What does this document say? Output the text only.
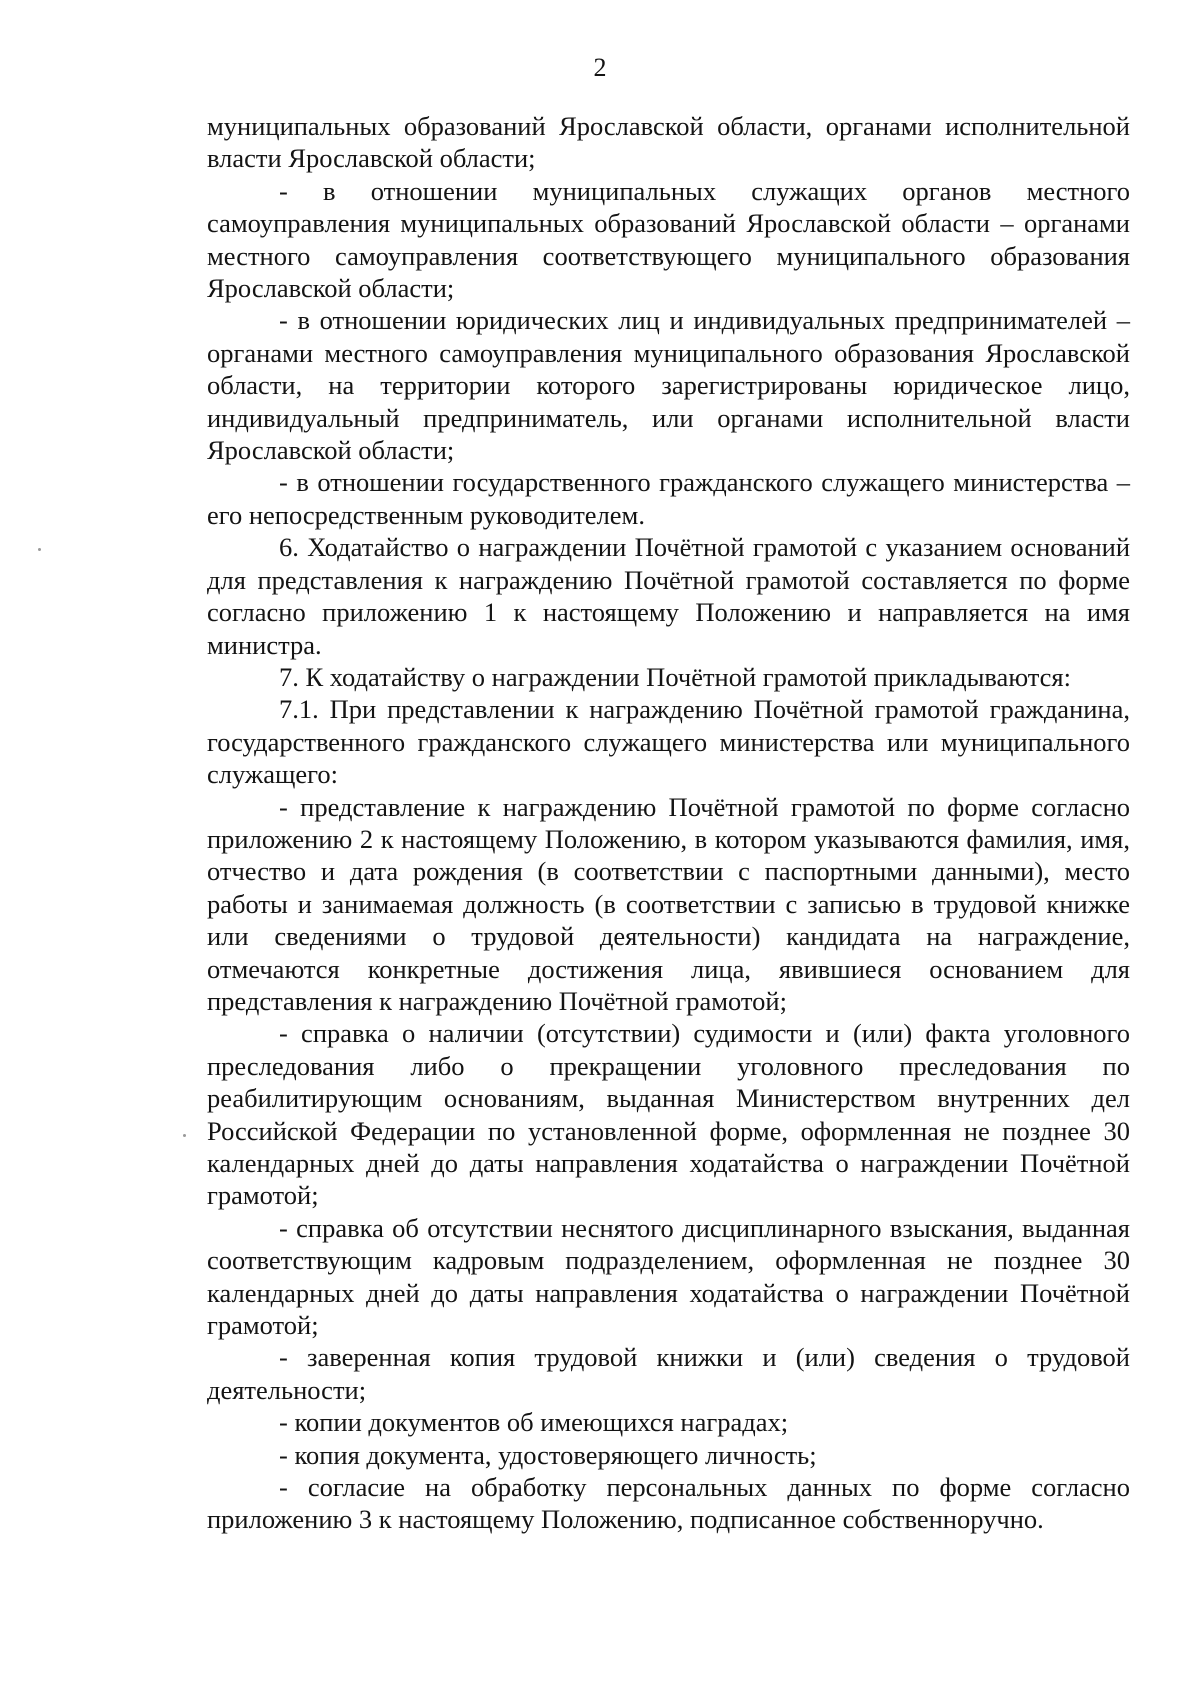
2

муниципальных образований Ярославской области, органами исполнительной власти Ярославской области;

- в отношении муниципальных служащих органов местного самоуправления муниципальных образований Ярославской области – органами местного самоуправления соответствующего муниципального образования Ярославской области;

- в отношении юридических лиц и индивидуальных предпринимателей – органами местного самоуправления муниципального образования Ярославской области, на территории которого зарегистрированы юридическое лицо, индивидуальный предприниматель, или органами исполнительной власти Ярославской области;

- в отношении государственного гражданского служащего министерства – его непосредственным руководителем.

6. Ходатайство о награждении Почётной грамотой с указанием оснований для представления к награждению Почётной грамотой составляется по форме согласно приложению 1 к настоящему Положению и направляется на имя министра.

7. К ходатайству о награждении Почётной грамотой прикладываются:

7.1. При представлении к награждению Почётной грамотой гражданина, государственного гражданского служащего министерства или муниципального служащего:

- представление к награждению Почётной грамотой по форме согласно приложению 2 к настоящему Положению, в котором указываются фамилия, имя, отчество и дата рождения (в соответствии с паспортными данными), место работы и занимаемая должность (в соответствии с записью в трудовой книжке или сведениями о трудовой деятельности) кандидата на награждение, отмечаются конкретные достижения лица, явившиеся основанием для представления к награждению Почётной грамотой;

- справка о наличии (отсутствии) судимости и (или) факта уголовного преследования либо о прекращении уголовного преследования по реабилитирующим основаниям, выданная Министерством внутренних дел Российской Федерации по установленной форме, оформленная не позднее 30 календарных дней до даты направления ходатайства о награждении Почётной грамотой;

- справка об отсутствии неснятого дисциплинарного взыскания, выданная соответствующим кадровым подразделением, оформленная не позднее 30 календарных дней до даты направления ходатайства о награждении Почётной грамотой;

- заверенная копия трудовой книжки и (или) сведения о трудовой деятельности;

- копии документов об имеющихся наградах;

- копия документа, удостоверяющего личность;

- согласие на обработку персональных данных по форме согласно приложению 3 к настоящему Положению, подписанное собственноручно.
